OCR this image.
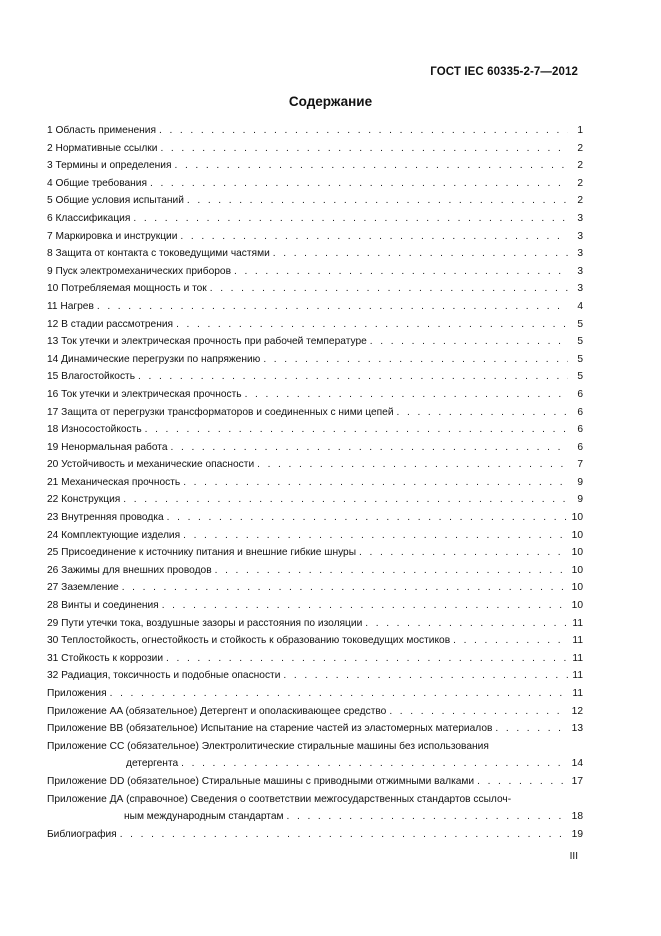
ГОСТ IEC 60335-2-7—2012
Содержание
1 Область применения . . .	1
2 Нормативные ссылки . . .	2
3 Термины и определения . . .	2
4 Общие требования . . .	2
5 Общие условия испытаний . . .	2
6 Классификация . . .	3
7 Маркировка и инструкции . . .	3
8 Защита от контакта с токоведущими частями . . .	3
9 Пуск электромеханических приборов . . .	3
10 Потребляемая мощность и ток . . .	3
11 Нагрев . . .	4
12 В стадии рассмотрения . . .	5
13 Ток утечки и электрическая прочность при рабочей температуре . . .	5
14 Динамические перегрузки по напряжению . . .	5
15 Влагостойкость . . .	5
16 Ток утечки и электрическая прочность . . .	6
17 Защита от перегрузки трансформаторов и соединенных с ними цепей . . .	6
18 Износостойкость . . .	6
19 Ненормальная работа . . .	6
20 Устойчивость и механические опасности . . .	7
21 Механическая прочность . . .	9
22 Конструкция . . .	9
23 Внутренняя проводка . . .	10
24 Комплектующие изделия . . .	10
25 Присоединение к источнику питания и внешние гибкие шнуры . . .	10
26 Зажимы для внешних проводов . . .	10
27 Заземление . . .	10
28 Винты и соединения . . .	10
29 Пути утечки тока, воздушные зазоры и расстояния по изоляции . . .	11
30 Теплостойкость, огнестойкость и стойкость к образованию токоведущих мостиков . . .	11
31 Стойкость к коррозии . . .	11
32 Радиация, токсичность и подобные опасности . . .	11
Приложения . . .	11
Приложение AA (обязательное) Детергент и ополаскивающее средство . . .	12
Приложение BB (обязательное) Испытание на старение частей из эластомерных материалов . . .	13
Приложение CC (обязательное) Электролитические стиральные машины без использования
детергента . . .	14
Приложение DD (обязательное) Стиральные машины с приводными отжимными валками . . .	17
Приложение ДА (справочное) Сведения о соответствии межгосударственных стандартов ссылоч-
ным международным стандартам . . .	18
Библиография . . .	19
III
